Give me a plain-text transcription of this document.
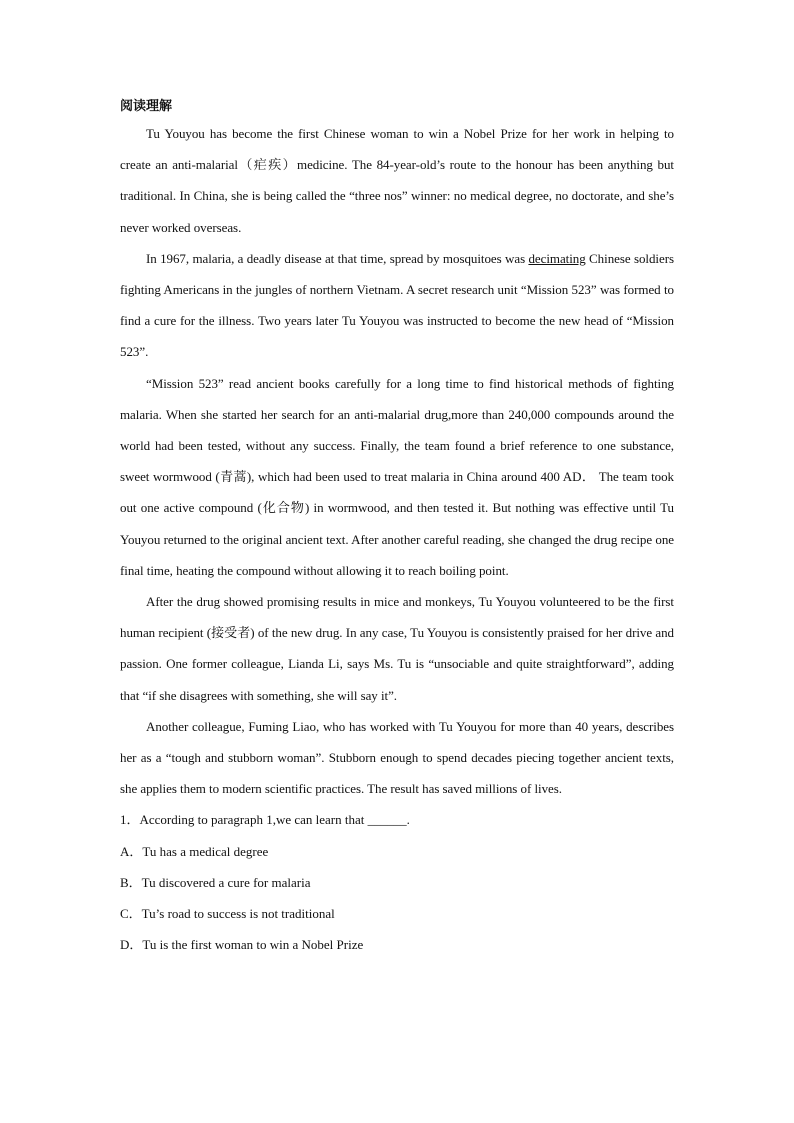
阅读理解

Tu Youyou has become the first Chinese woman to win a Nobel Prize for her work in helping to create an anti-malarial（疟疾）medicine. The 84-year-old’s route to the honour has been anything but traditional. In China, she is being called the “three nos” winner: no medical degree, no doctorate, and she’s never worked overseas.

In 1967, malaria, a deadly disease at that time, spread by mosquitoes was decimating Chinese soldiers fighting Americans in the jungles of northern Vietnam. A secret research unit “Mission 523” was formed to find a cure for the illness. Two years later Tu Youyou was instructed to become the new head of “Mission 523”.

“Mission 523” read ancient books carefully for a long time to find historical methods of fighting malaria. When she started her search for an anti-malarial drug,more than 240,000 compounds around the world had been tested, without any success. Finally, the team found a brief reference to one substance, sweet wormwood (青蒿), which had been used to treat malaria in China around 400 AD． The team took out one active compound (化合物) in wormwood, and then tested it. But nothing was effective until Tu Youyou returned to the original ancient text. After another careful reading, she changed the drug recipe one final time, heating the compound without allowing it to reach boiling point.

After the drug showed promising results in mice and monkeys, Tu Youyou volunteered to be the first human recipient (接受者) of the new drug. In any case, Tu Youyou is consistently praised for her drive and passion. One former colleague, Lianda Li, says Ms. Tu is “unsociable and quite straightforward”, adding that “if she disagrees with something, she will say it”.

Another colleague, Fuming Liao, who has worked with Tu Youyou for more than 40 years, describes her as a “tough and stubborn woman”. Stubborn enough to spend decades piecing together ancient texts, she applies them to modern scientific practices. The result has saved millions of lives.

1．According to paragraph 1,we can learn that ______.

A．Tu has a medical degree

B．Tu discovered a cure for malaria

C．Tu’s road to success is not traditional

D．Tu is the first woman to win a Nobel Prize
